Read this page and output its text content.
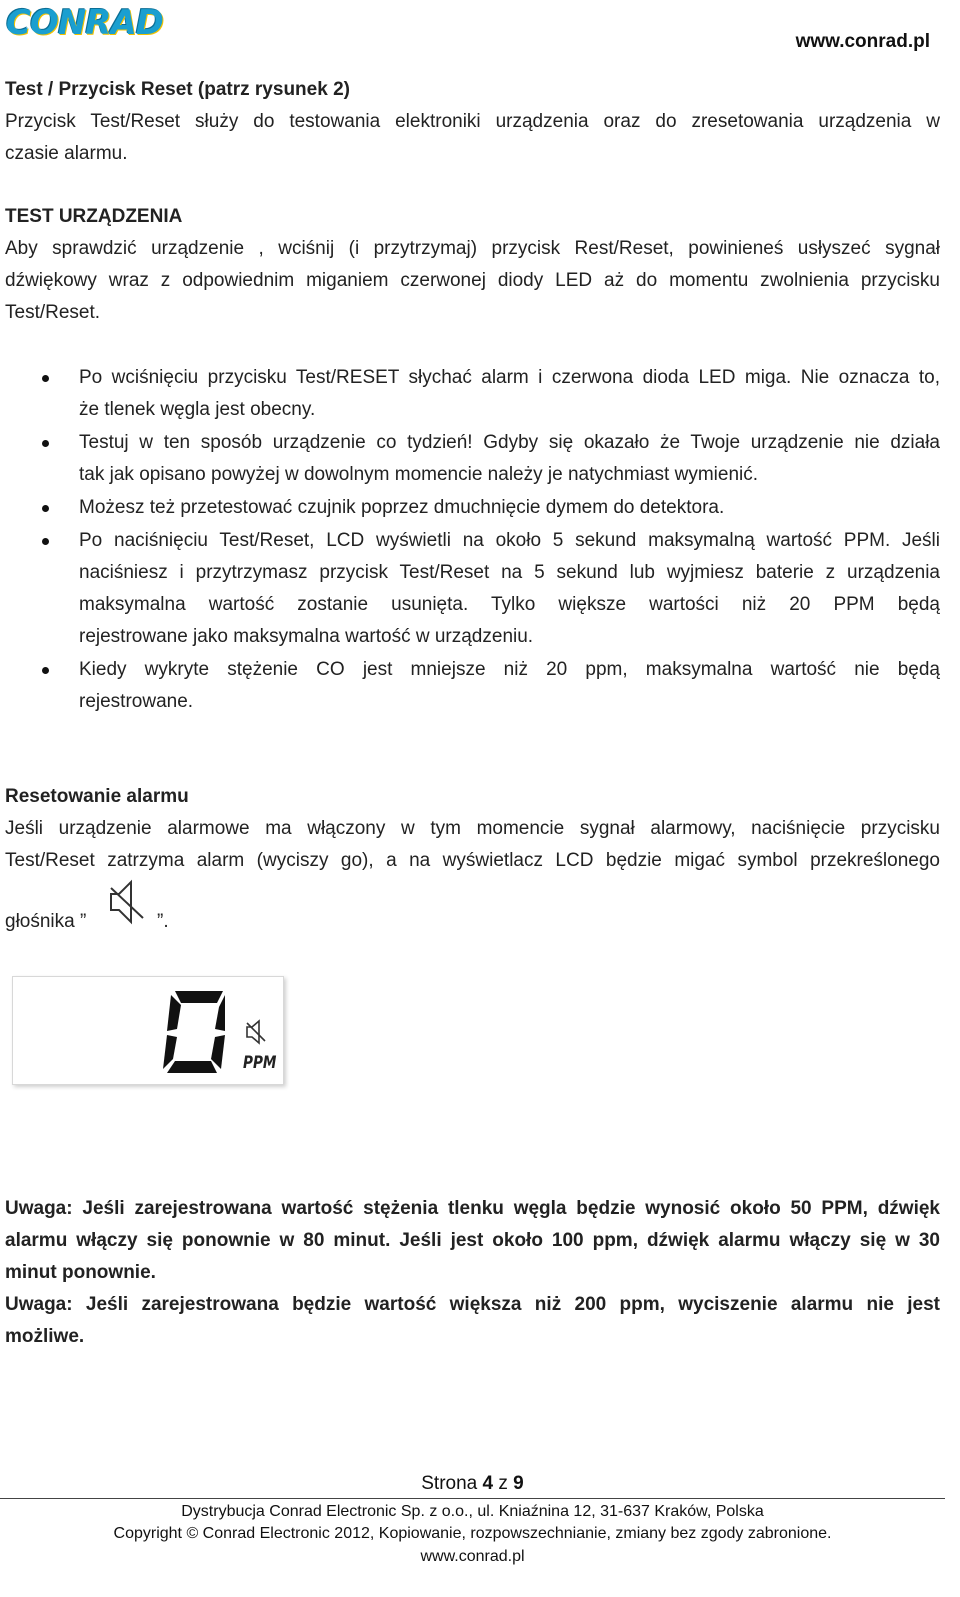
CONRAD	www.conrad.pl
Test / Przycisk Reset (patrz rysunek 2)
Przycisk Test/Reset służy do testowania elektroniki urządzenia oraz do zresetowania urządzenia w
czasie alarmu.
TEST URZĄDZENIA
Aby sprawdzić urządzenie , wciśnij (i przytrzymaj) przycisk Rest/Reset, powinieneś usłyszeć sygnał
dźwiękowy wraz z odpowiednim miganiem czerwonej diody LED aż do momentu zwolnienia przycisku
Test/Reset.
Po wciśnięciu przycisku Test/RESET słychać alarm i czerwona dioda LED miga. Nie oznacza to,
że tlenek węgla jest obecny.
Testuj w ten sposób urządzenie co tydzień! Gdyby się okazało że Twoje urządzenie nie działa
tak jak opisano powyżej w dowolnym momencie należy je natychmiast wymienić.
Możesz też przetestować czujnik poprzez dmuchnięcie dymem do detektora.
Po naciśnięciu Test/Reset, LCD wyświetli na około 5 sekund maksymalną wartość PPM. Jeśli
naciśniesz i przytrzymasz przycisk Test/Reset na 5 sekund lub wyjmiesz baterie z urządzenia
maksymalna wartość zostanie usunięta. Tylko większe wartości niż 20 PPM będą
rejestrowane jako maksymalna wartość w urządzeniu.
Kiedy wykryte stężenie CO jest mniejsze niż 20 ppm, maksymalna wartość nie będą
rejestrowane.
Resetowanie alarmu
Jeśli urządzenie alarmowe ma włączony w tym momencie sygnał alarmowy, naciśnięcie przycisku
Test/Reset zatrzyma alarm (wyciszy go), a na wyświetlacz LCD będzie migać symbol przekreślonego
głośnika ”	”.
PPM
Uwaga: Jeśli zarejestrowana wartość stężenia tlenku węgla będzie wynosić około 50 PPM, dźwięk
alarmu włączy się ponownie w 80 minut. Jeśli jest około 100 ppm, dźwięk alarmu włączy się w 30
minut ponownie.
Uwaga: Jeśli zarejestrowana będzie wartość większa niż 200 ppm, wyciszenie alarmu nie jest
możliwe.
Strona 4 z 9
Dystrybucja Conrad Electronic Sp. z o.o., ul. Kniaźnina 12, 31-637 Kraków, Polska
Copyright © Conrad Electronic 2012, Kopiowanie, rozpowszechnianie, zmiany bez zgody zabronione.
www.conrad.pl
